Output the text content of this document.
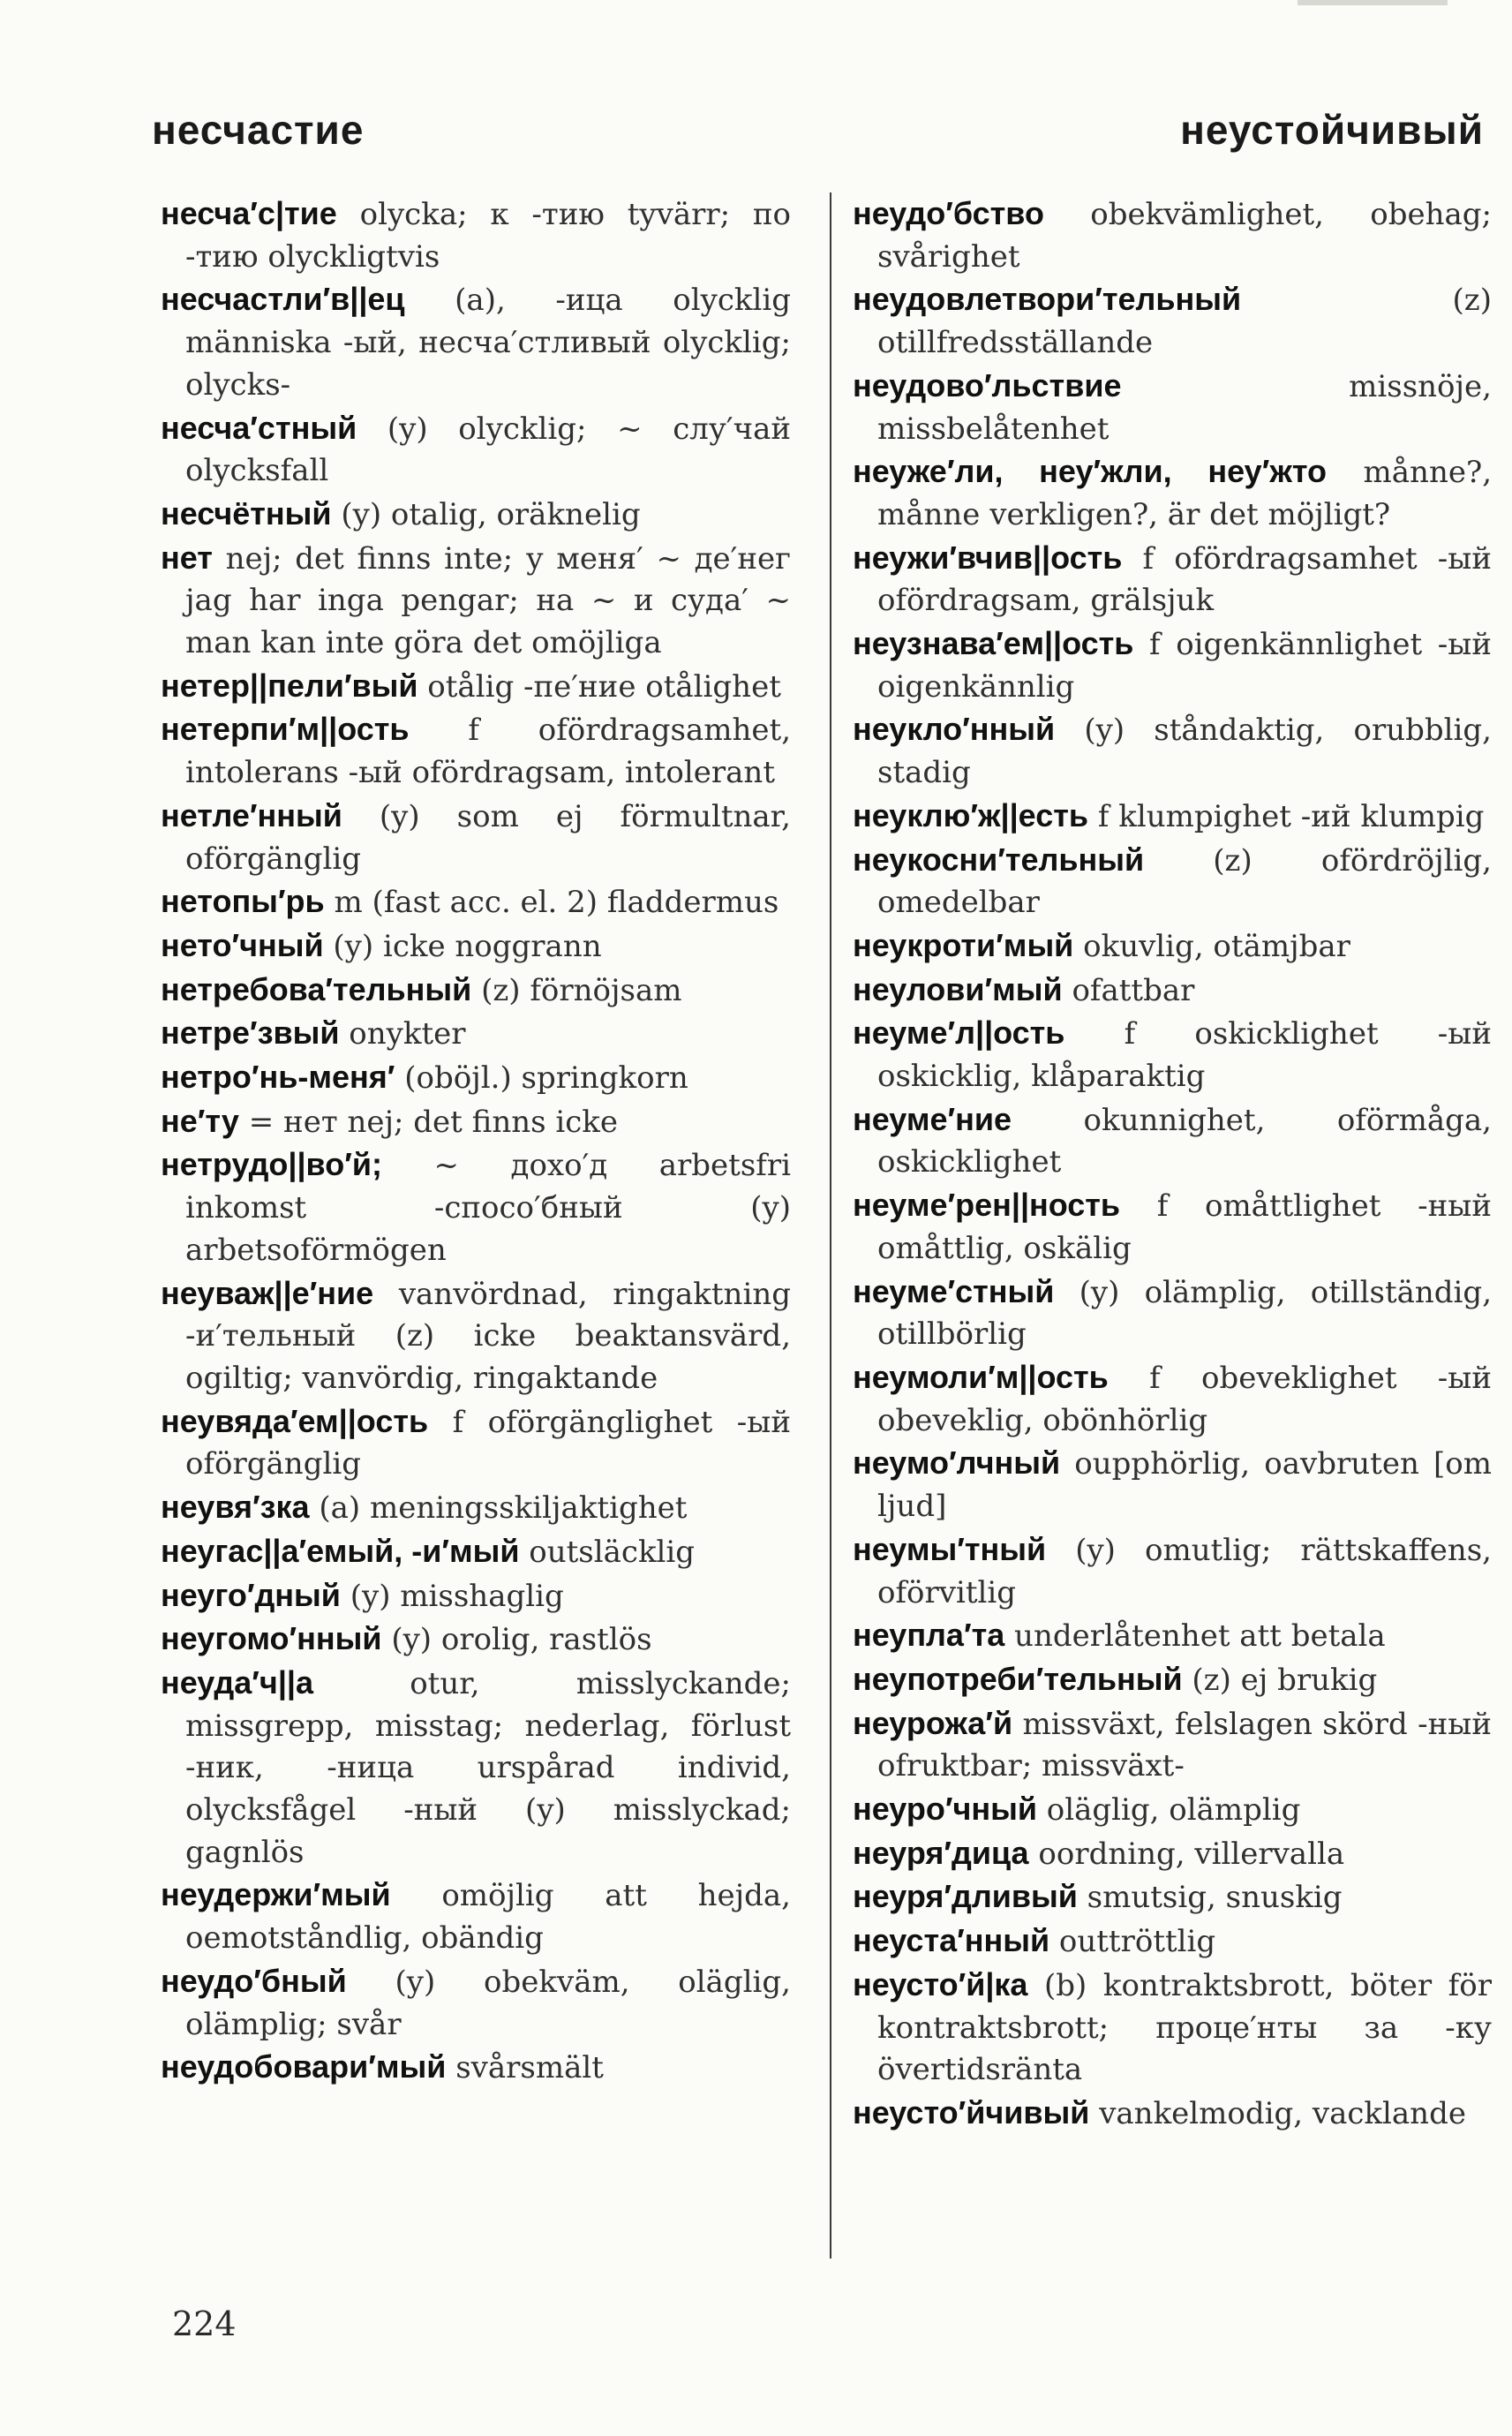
несчастие	неустойчивый

несча′с|тие olycka; к -тию tyvärr; по -тию olyckligtvis

несчастли′в||ец (a), -ица olycklig människa -ый, несча′стливый olycklig; olycks-

несча′стный (y) olycklig; ~ слу′чай olycksfall

несчётный (y) otalig, oräknelig

нет nej; det finns inte; у меня′ ~ де′нег jag har inga pengar; на ~ и суда′ ~ man kan inte göra det omöjliga

нетер||пели′вый otålig -пе′ние otålighet

нетерпи′м||ость f ofördragsamhet, intolerans -ый ofördragsam, intolerant

нетле′нный (y) som ej förmultnar, oförgänglig

нетопы′рь m (fast acc. el. 2) fladdermus

нето′чный (y) icke noggrann

нетребова′тельный (z) förnöjsam

нетре′звый onykter

нетро′нь-меня′ (oböjl.) springkorn

не′ту = нет nej; det finns icke

нетрудо||во′й; ~ дохо′д arbetsfri inkomst -спосо′бный (y) arbetsoförmögen

неуваж||е′ние vanvördnad, ringaktning -и′тельный (z) icke beaktansvärd, ogiltig; vanvördig, ringaktande

неувяда′ем||ость f oförgänglighet -ый oförgänglig

неувя′зка (a) meningsskiljaktighet

неугас||а′емый, -и′мый outsläcklig

неуго′дный (y) misshaglig

неугомо′нный (y) orolig, rastlös

неуда′ч||а	otur, misslyckande; missgrepp, misstag; nederlag, förlust -ник, -ница urspårad individ, olycksfågel -ный (y) misslyckad; gagnlös

неудержи′мый omöjlig att hejda, oemotståndlig, obändig

неудо′бный (y) obekväm, oläglig, olämplig; svår

неудобовари′мый svårsmält

неудо′бство obekvämlighet, obehag; svårighet

неудовлетвори′тельный	(z) otillfredsställande

неудово′льствие	missnöje, missbelåtenhet

неуже′ли, неу′жли, неу′жто månne?, månne verkligen?, är det möjligt?

неужи′вчив||ость f ofördragsamhet -ый ofördragsam, grälsjuk

неузнава′ем||ость f oigenkännlighet -ый oigenkännlig

неукло′нный (y) ståndaktig, orubblig, stadig

неуклю′ж||есть f klumpighet -ий klumpig

неукосни′тельный (z) ofördröjlig, omedelbar

неукроти′мый okuvlig, otämjbar

неулови′мый ofattbar

неуме′л||ость f oskicklighet -ый oskicklig, klåparaktig

неуме′ние okunnighet, oförmåga, oskicklighet

неуме′рен||ность f omåttlighet -ный omåttlig, oskälig

неуме′стный (y) olämplig, otillständig, otillbörlig

неумоли′м||ость f obeveklighet -ый obeveklig, obönhörlig

неумо′лчный oupphörlig, oavbruten [om ljud]

неумы′тный (y) omutlig; rättskaffens, oförvitlig

неупла′та underlåtenhet att betala

неупотреби′тельный (z) ej brukig

неурожа′й missväxt, felslagen skörd -ный ofruktbar; missväxt-

неуро′чный oläglig, olämplig

неуря′дица oordning, villervalla

неуря′дливый smutsig, snuskig

неуста′нный outtröttlig

неусто′й|ка (b) kontraktsbrott, böter för kontraktsbrott; проце′нты за -ку övertidsränta

неусто′йчивый vankelmodig, vacklande

224
